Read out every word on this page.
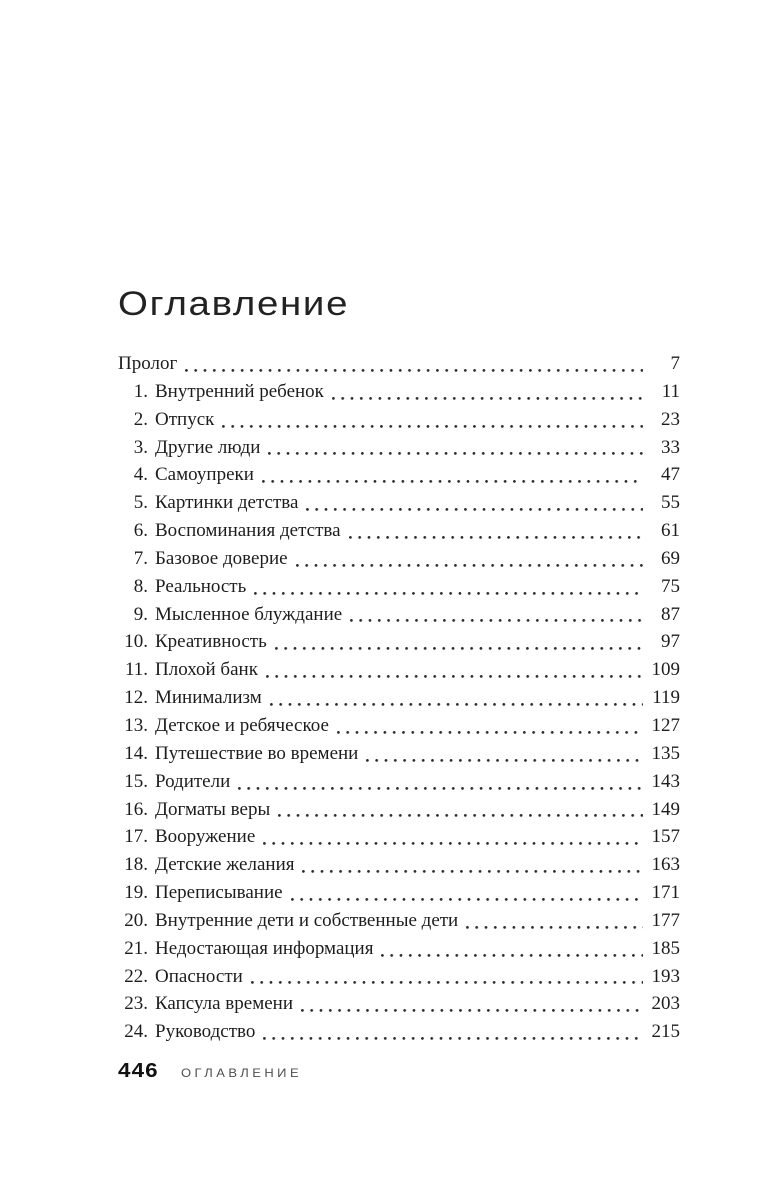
Оглавление
Пролог	7
1. Внутренний ребенок	11
2. Отпуск	23
3. Другие люди	33
4. Самоупреки	47
5. Картинки детства	55
6. Воспоминания детства	61
7. Базовое доверие	69
8. Реальность	75
9. Мысленное блуждание	87
10. Креативность	97
11. Плохой банк	109
12. Минимализм	119
13. Детское и ребяческое	127
14. Путешествие во времени	135
15. Родители	143
16. Догматы веры	149
17. Вооружение	157
18. Детские желания	163
19. Переписывание	171
20. Внутренние дети и собственные дети	177
21. Недостающая информация	185
22. Опасности	193
23. Капсула времени	203
24. Руководство	215
446 ОГЛАВЛЕНИЕ
